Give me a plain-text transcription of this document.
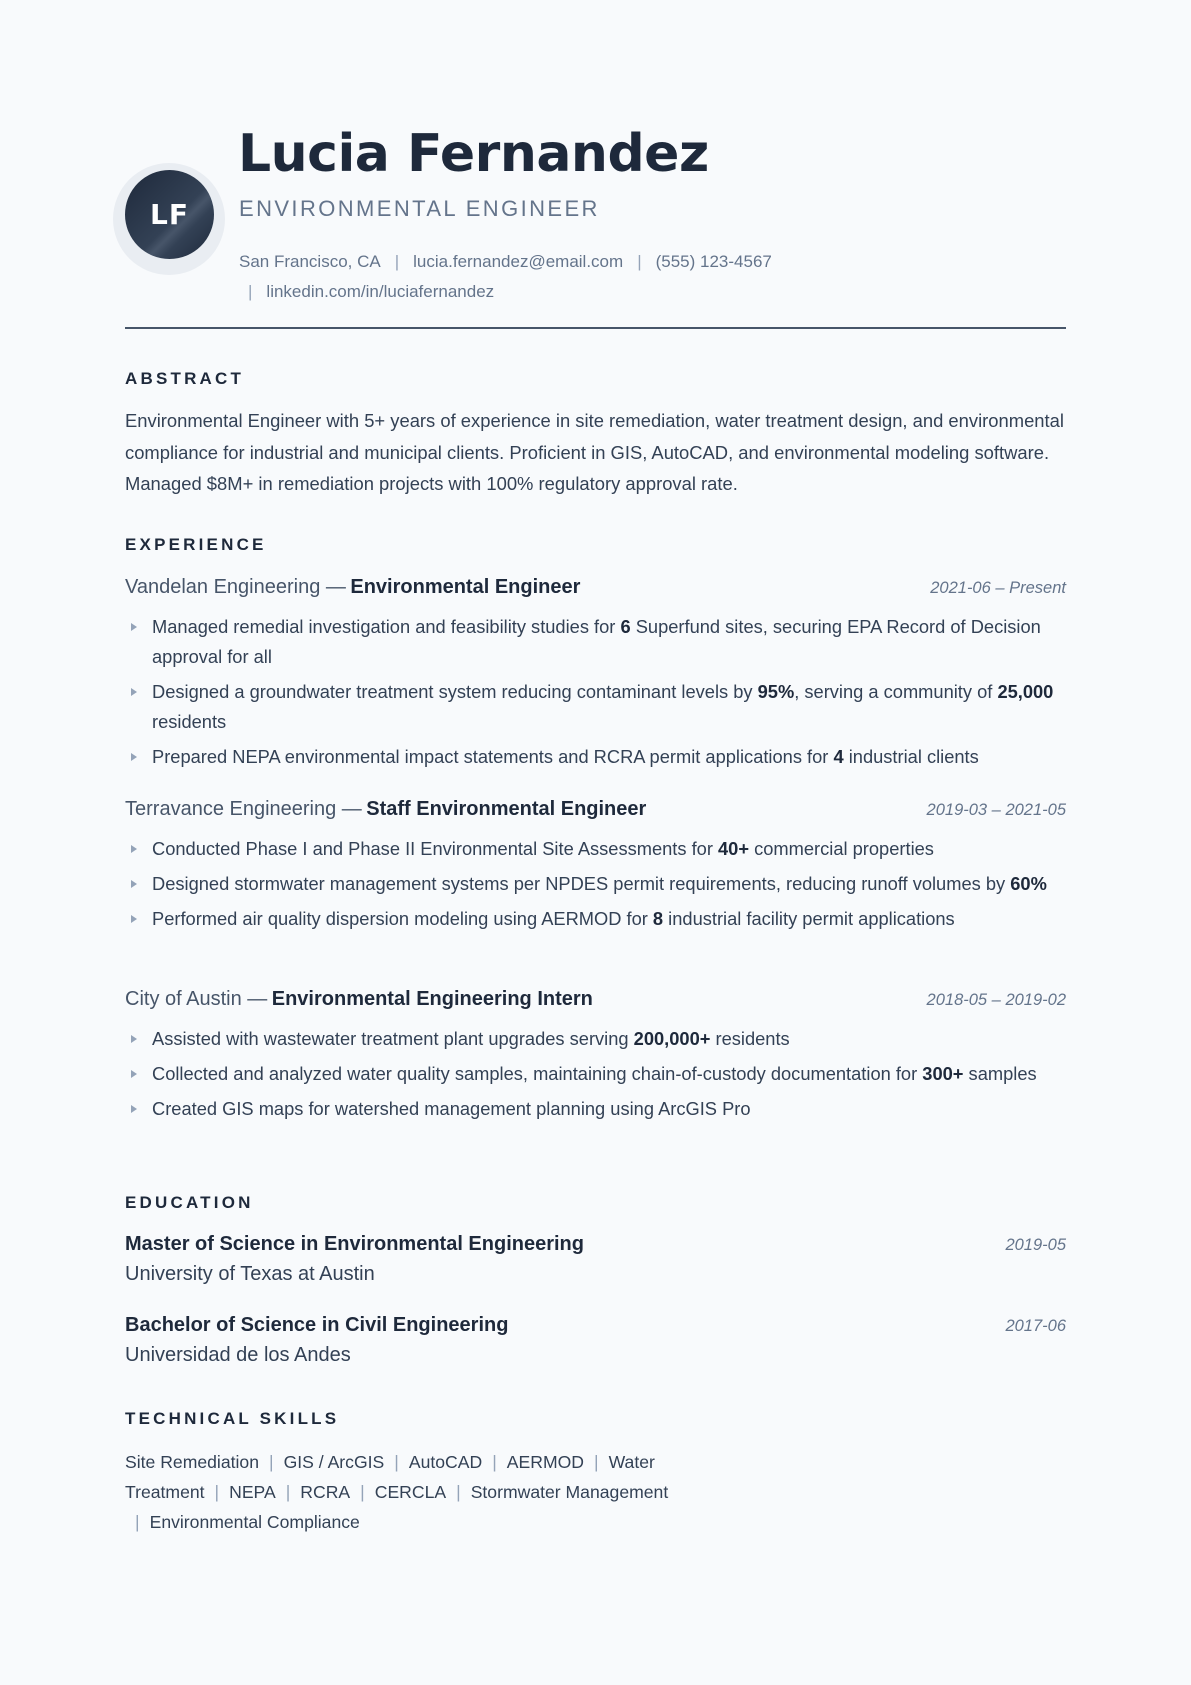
LF
Lucia Fernandez
ENVIRONMENTAL ENGINEER
San Francisco, CA | lucia.fernandez@email.com | (555) 123-4567
| linkedin.com/in/luciafernandez
ABSTRACT

Environmental Engineer with 5+ years of experience in site remediation, water treatment design, and environmental compliance for industrial and municipal clients. Proficient in GIS, AutoCAD, and environmental modeling software. Managed $8M+ in remediation projects with 100% regulatory approval rate.

EXPERIENCE
Vandelan Engineering — Environmental Engineer	2021-06 – Present
Managed remedial investigation and feasibility studies for 6 Superfund sites, securing EPA Record of Decision approval for all
Designed a groundwater treatment system reducing contaminant levels by 95%, serving a community of 25,000 residents
Prepared NEPA environmental impact statements and RCRA permit applications for 4 industrial clients
Terravance Engineering — Staff Environmental Engineer	2019-03 – 2021-05
Conducted Phase I and Phase II Environmental Site Assessments for 40+ commercial properties
Designed stormwater management systems per NPDES permit requirements, reducing runoff volumes by 60%
Performed air quality dispersion modeling using AERMOD for 8 industrial facility permit applications
City of Austin — Environmental Engineering Intern	2018-05 – 2019-02
Assisted with wastewater treatment plant upgrades serving 200,000+ residents
Collected and analyzed water quality samples, maintaining chain-of-custody documentation for 300+ samples
Created GIS maps for watershed management planning using ArcGIS Pro
EDUCATION
Master of Science in Environmental Engineering	2019-05
University of Texas at Austin
Bachelor of Science in Civil Engineering	2017-06
Universidad de los Andes
TECHNICAL SKILLS
Site Remediation | GIS / ArcGIS | AutoCAD | AERMOD | Water Treatment | NEPA | RCRA | CERCLA | Stormwater Management| Environmental Compliance
